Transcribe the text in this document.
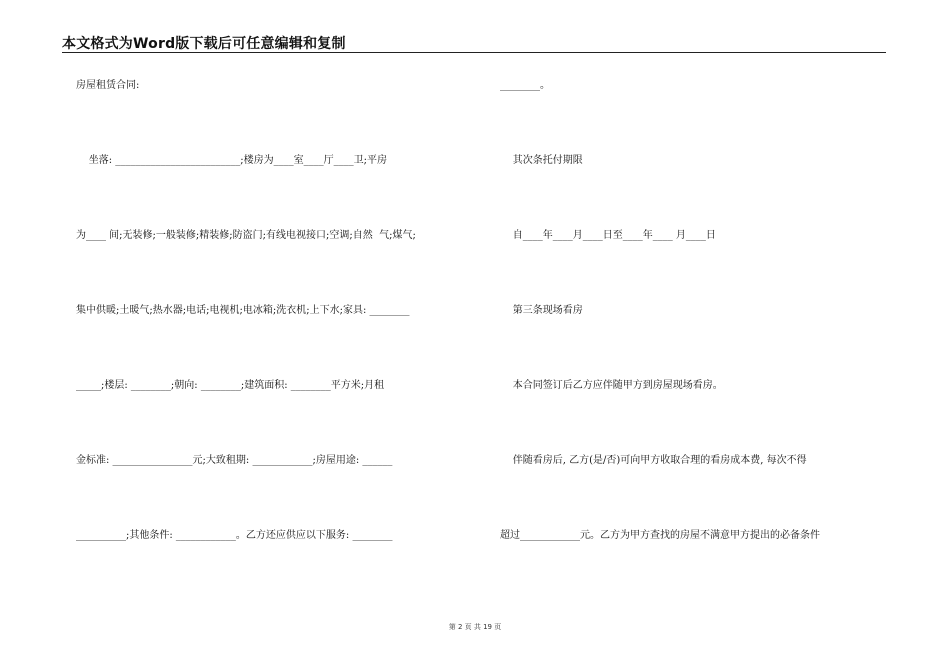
本文格式为Word版下载后可任意编辑和复制
房屋租赁合同:
坐落: _________________________;楼房为____室____厅____卫;平房
为____ 间;无装修;一般装修;精装修;防盗门;有线电视接口;空调;自然  气;煤气;
集中供暖;土暖气;热水器;电话;电视机;电冰箱;洗衣机;上下水;家具: ________
_____;楼层: ________;朝向: ________;建筑面积: ________平方米;月租
金标准: ________________元;大致租期: ____________;房屋用途: ______
__________;其他条件: ____________。乙方还应供应以下服务: ________
________。
其次条托付期限
自____年____月____日至____年____ 月____日
第三条现场看房
本合同签订后乙方应伴随甲方到房屋现场看房。
伴随看房后, 乙方(是/否)可向甲方收取合理的看房成本费, 每次不得
超过____________元。乙方为甲方查找的房屋不满意甲方提出的必备条件
第 2 页 共 19 页
